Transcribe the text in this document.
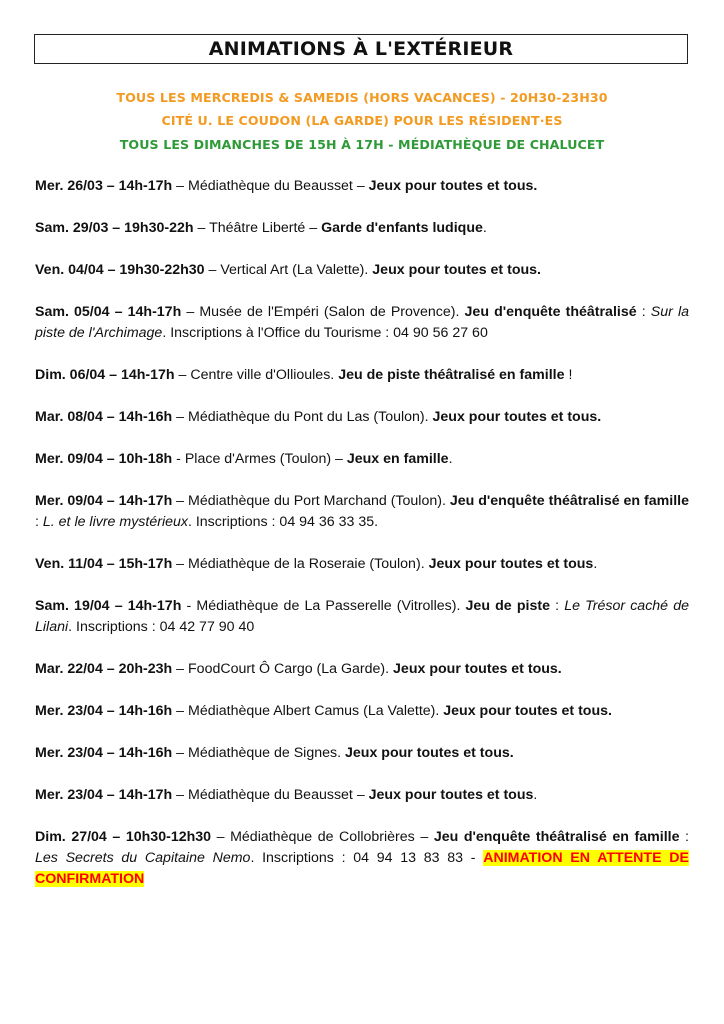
ANIMATIONS À L'EXTÉRIEUR
TOUS LES MERCREDIS & SAMEDIS (HORS VACANCES) - 20H30-23H30
CITÉ U. LE COUDON (LA GARDE) POUR LES RÉSIDENT·ES
TOUS LES DIMANCHES DE 15H À 17H - MÉDIATHÈQUE DE CHALUCET

Mer. 26/03 – 14h-17h – Médiathèque du Beausset – Jeux pour toutes et tous.

Sam. 29/03 – 19h30-22h – Théâtre Liberté – Garde d'enfants ludique.

Ven. 04/04 – 19h30-22h30 – Vertical Art (La Valette). Jeux pour toutes et tous.

Sam. 05/04 – 14h-17h – Musée de l'Empéri (Salon de Provence). Jeu d'enquête théâtralisé : Sur la piste de l'Archimage. Inscriptions à l'Office du Tourisme : 04 90 56 27 60

Dim. 06/04 – 14h-17h – Centre ville d'Ollioules. Jeu de piste théâtralisé en famille !

Mar. 08/04 – 14h-16h – Médiathèque du Pont du Las (Toulon). Jeux pour toutes et tous.

Mer. 09/04 – 10h-18h - Place d'Armes (Toulon) – Jeux en famille.

Mer. 09/04 – 14h-17h – Médiathèque du Port Marchand (Toulon). Jeu d'enquête théâtralisé en famille : L. et le livre mystérieux. Inscriptions : 04 94 36 33 35.

Ven. 11/04 – 15h-17h – Médiathèque de la Roseraie (Toulon). Jeux pour toutes et tous.

Sam. 19/04 – 14h-17h - Médiathèque de La Passerelle (Vitrolles). Jeu de piste : Le Trésor caché de Lilani. Inscriptions : 04 42 77 90 40

Mar. 22/04 – 20h-23h – FoodCourt Ô Cargo (La Garde). Jeux pour toutes et tous.

Mer. 23/04 – 14h-16h – Médiathèque Albert Camus (La Valette). Jeux pour toutes et tous.

Mer. 23/04 – 14h-16h – Médiathèque de Signes. Jeux pour toutes et tous.

Mer. 23/04 – 14h-17h – Médiathèque du Beausset – Jeux pour toutes et tous.

Dim. 27/04 – 10h30-12h30 – Médiathèque de Collobrières – Jeu d'enquête théâtralisé en famille : Les Secrets du Capitaine Nemo. Inscriptions : 04 94 13 83 83 - ANIMATION EN ATTENTE DE CONFIRMATION
